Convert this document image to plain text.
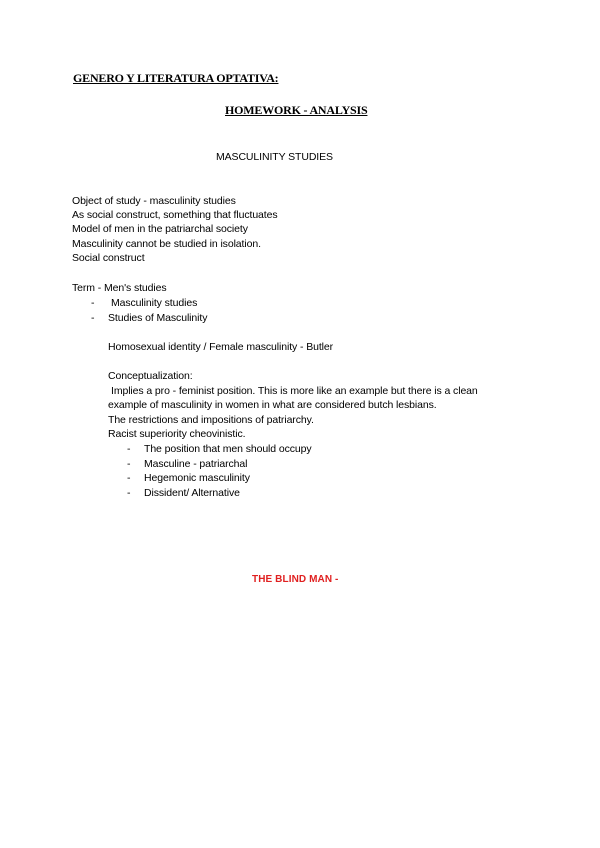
GENERO Y LITERATURA OPTATIVA:
HOMEWORK - ANALYSIS
MASCULINITY STUDIES
Object of study - masculinity studies
As social construct, something that fluctuates
Model of men in the patriarchal society
Masculinity cannot be studied in isolation.
Social construct
Term - Men's studies
- Masculinity studies
- Studies of Masculinity
Homosexual identity / Female masculinity - Butler
Conceptualization:
Implies a pro - feminist position. This is more like an example but there is a clean
example of masculinity in women in what are considered butch lesbians.
The restrictions and impositions of patriarchy.
Racist superiority cheovinistic.
- The position that men should occupy
- Masculine - patriarchal
- Hegemonic masculinity
- Dissident/ Alternative
THE BLIND MAN -
